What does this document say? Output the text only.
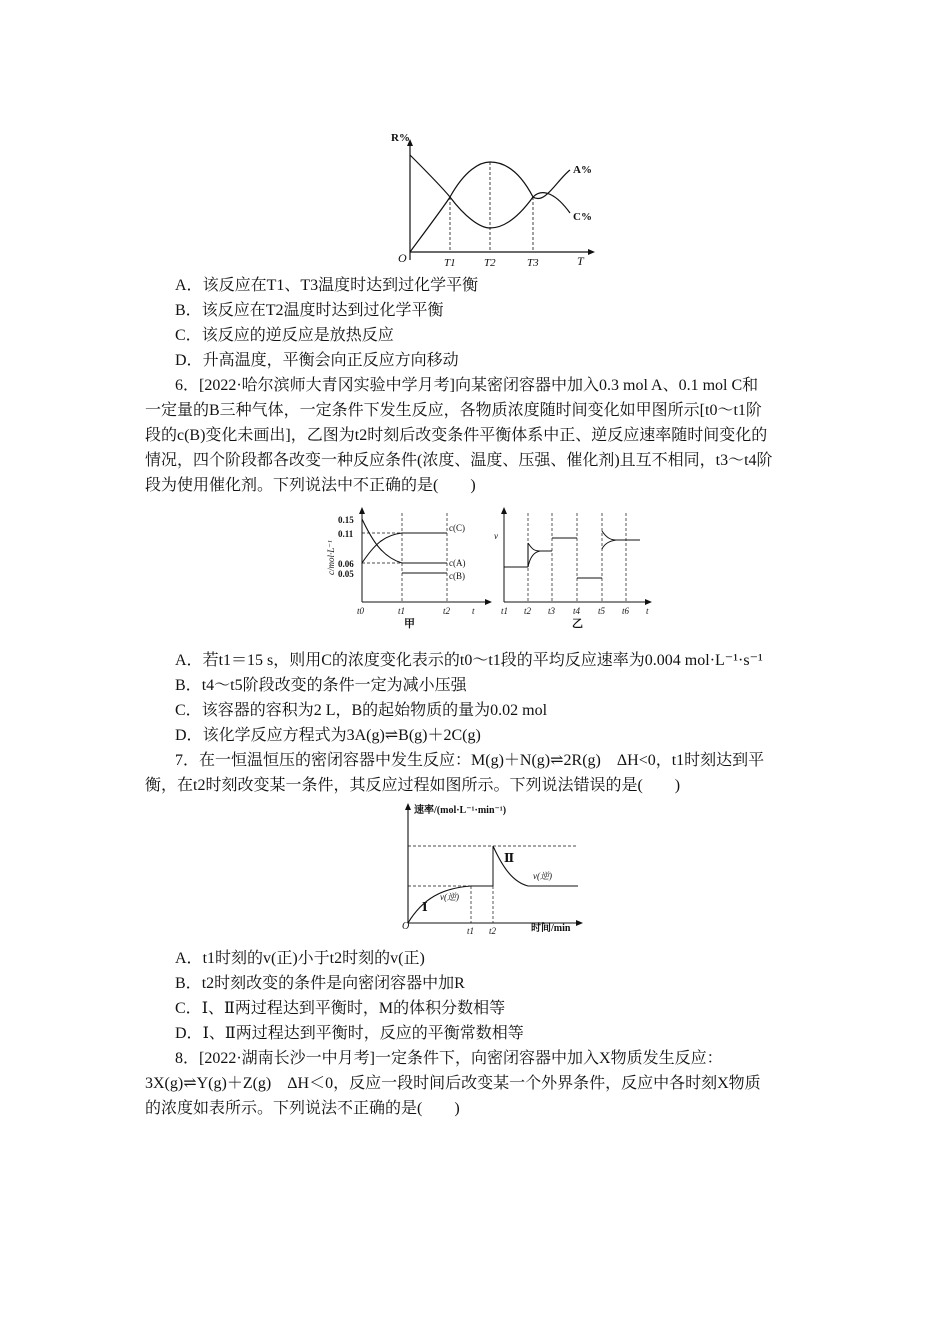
R%
O	T
A%
C%
T1	T2	T3
A．该反应在T1、T3温度时达到过化学平衡
B．该反应在T2温度时达到过化学平衡
C．该反应的逆反应是放热反应
D．升高温度，平衡会向正反应方向移动
6．[2022·哈尔滨师大青冈实验中学月考]向某密闭容器中加入0.3 mol A、0.1 mol C和
一定量的B三种气体，一定条件下发生反应，各物质浓度随时间变化如甲图所示[t0～t1阶
段的c(B)变化未画出]，乙图为t2时刻后改变条件平衡体系中正、逆反应速率随时间变化的
情况，四个阶段都各改变一种反应条件(浓度、温度、压强、催化剂)且互不相同，t3～t4阶
段为使用催化剂。下列说法中不正确的是(　　)
c/mol·L⁻¹
0.15
0.11
0.06
0.05
c(C)
c(A)
c(B)
t0	t1	t2 t
甲
v
t1 t2 t3 t4 t5 t6 t
乙
A．若t1＝15 s，则用C的浓度变化表示的t0～t1段的平均反应速率为0.004 mol·L⁻¹·s⁻¹
B．t4～t5阶段改变的条件一定为减小压强
C．该容器的容积为2 L，B的起始物质的量为0.02 mol
D．该化学反应方程式为3A(g)⇌B(g)＋2C(g)
7．在一恒温恒压的密闭容器中发生反应：M(g)＋N(g)⇌2R(g)　ΔH<0，t1时刻达到平
衡，在t2时刻改变某一条件，其反应过程如图所示。下列说法错误的是(　　)
速率/(mol·L⁻¹·min⁻¹)
O	时间/min
Ⅰ
Ⅱ
v(逆)
v(逆)
t1 t2
A．t1时刻的v(正)小于t2时刻的v(正)
B．t2时刻改变的条件是向密闭容器中加R
C．Ⅰ、Ⅱ两过程达到平衡时，M的体积分数相等
D．Ⅰ、Ⅱ两过程达到平衡时，反应的平衡常数相等
8．[2022·湖南长沙一中月考]一定条件下，向密闭容器中加入X物质发生反应：
3X(g)⇌Y(g)＋Z(g)　ΔH＜0，反应一段时间后改变某一个外界条件，反应中各时刻X物质
的浓度如表所示。下列说法不正确的是(　　)
